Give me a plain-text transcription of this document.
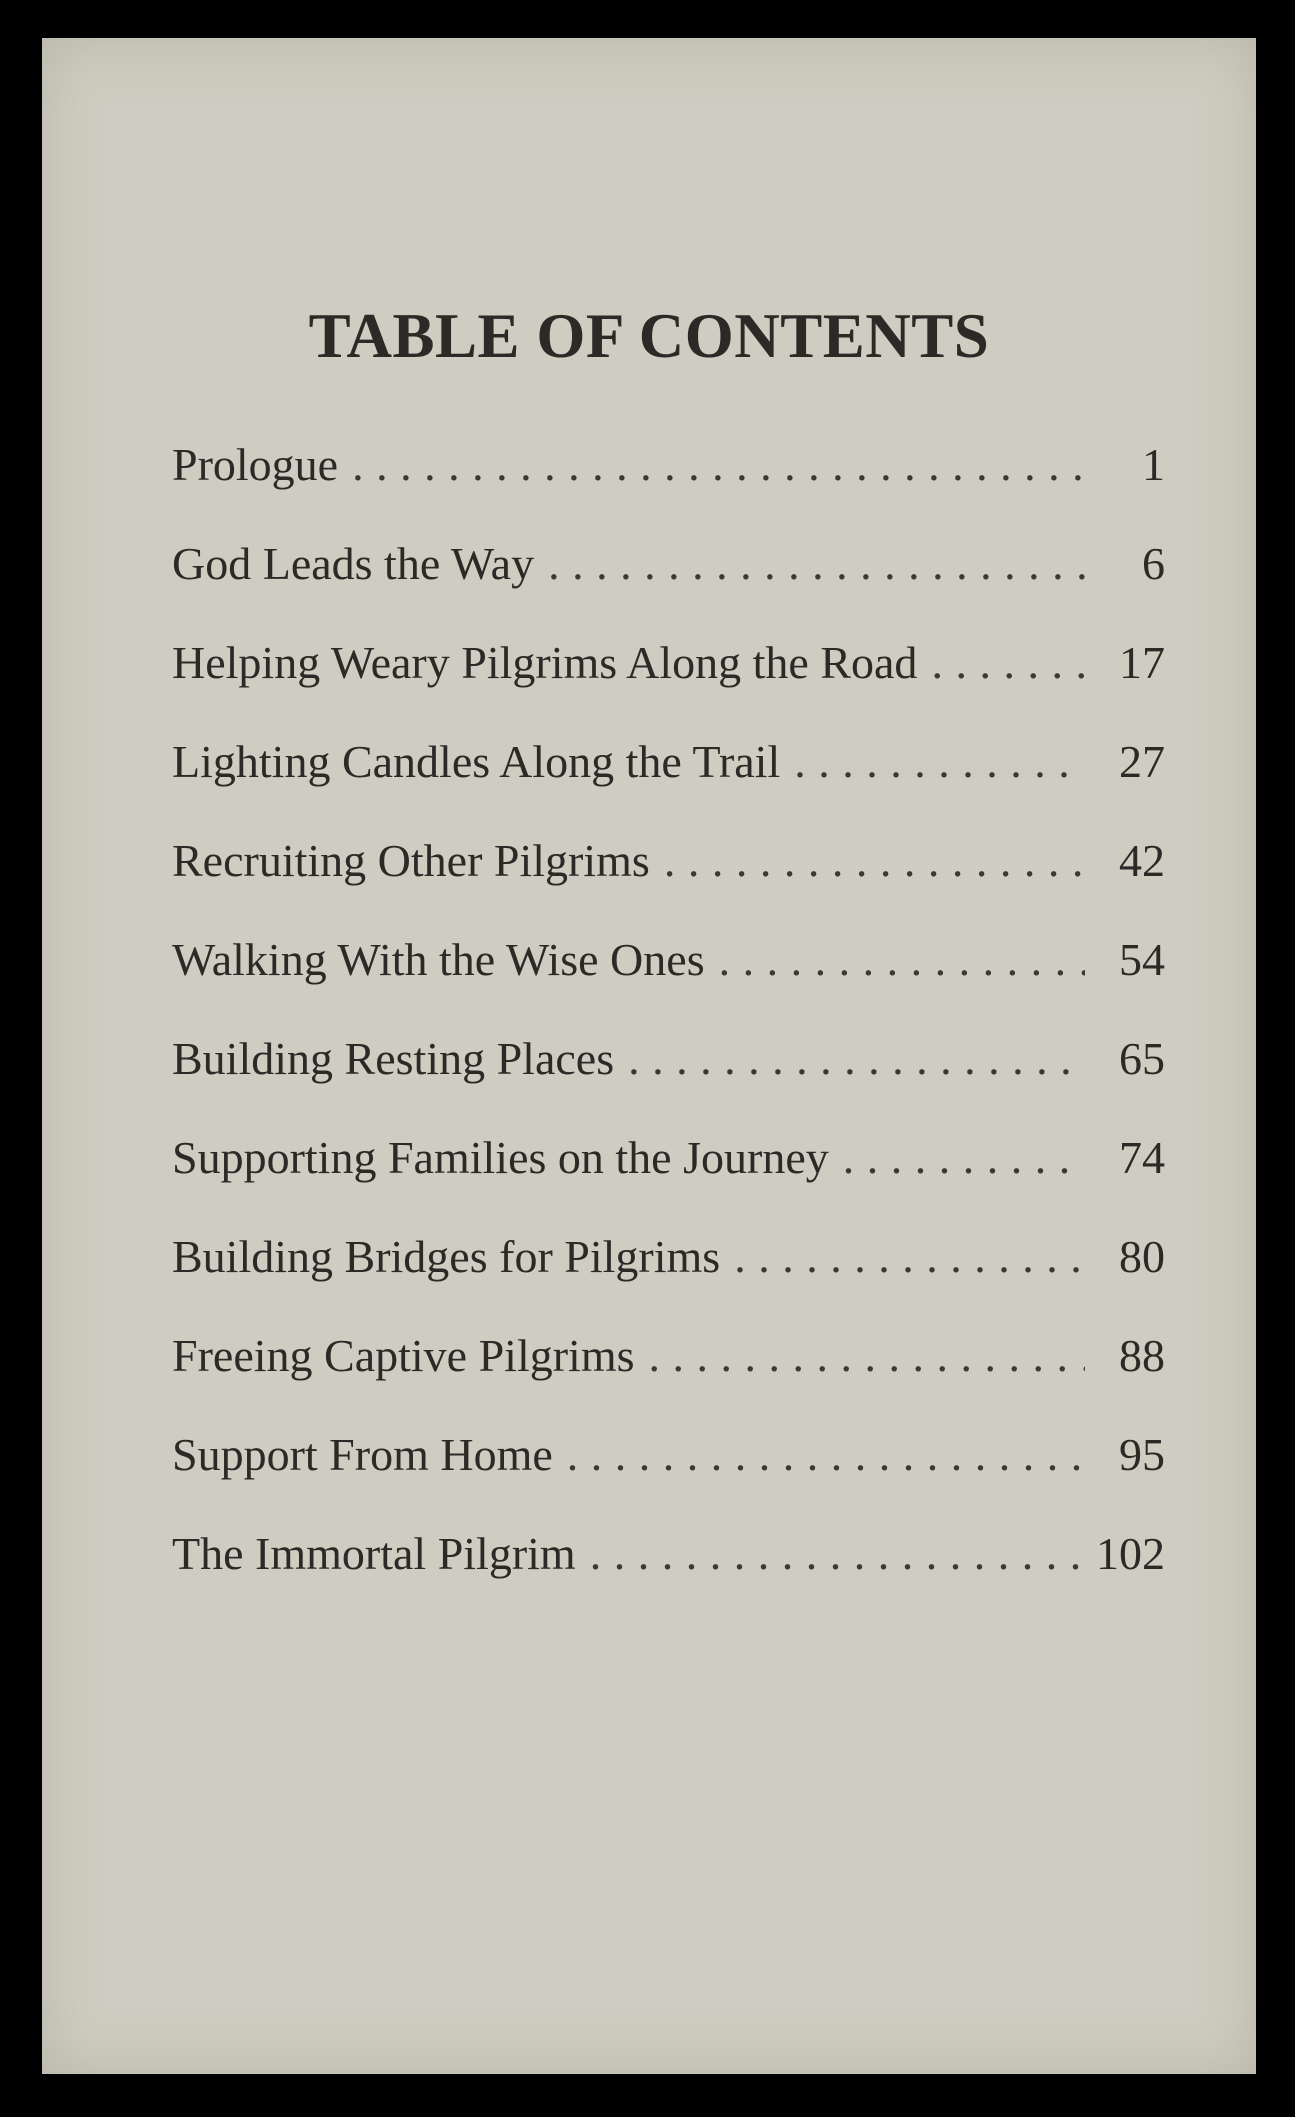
TABLE OF CONTENTS
Prologue . . .	1
God Leads the Way . . .	6
Helping Weary Pilgrims Along the Road . . .	17
Lighting Candles Along the Trail . . .	27
Recruiting Other Pilgrims . . .	42
Walking With the Wise Ones . . .	54
Building Resting Places . . .	65
Supporting Families on the Journey . . .	74
Building Bridges for Pilgrims . . .	80
Freeing Captive Pilgrims . . .	88
Support From Home . . .	95
The Immortal Pilgrim . . .	102
